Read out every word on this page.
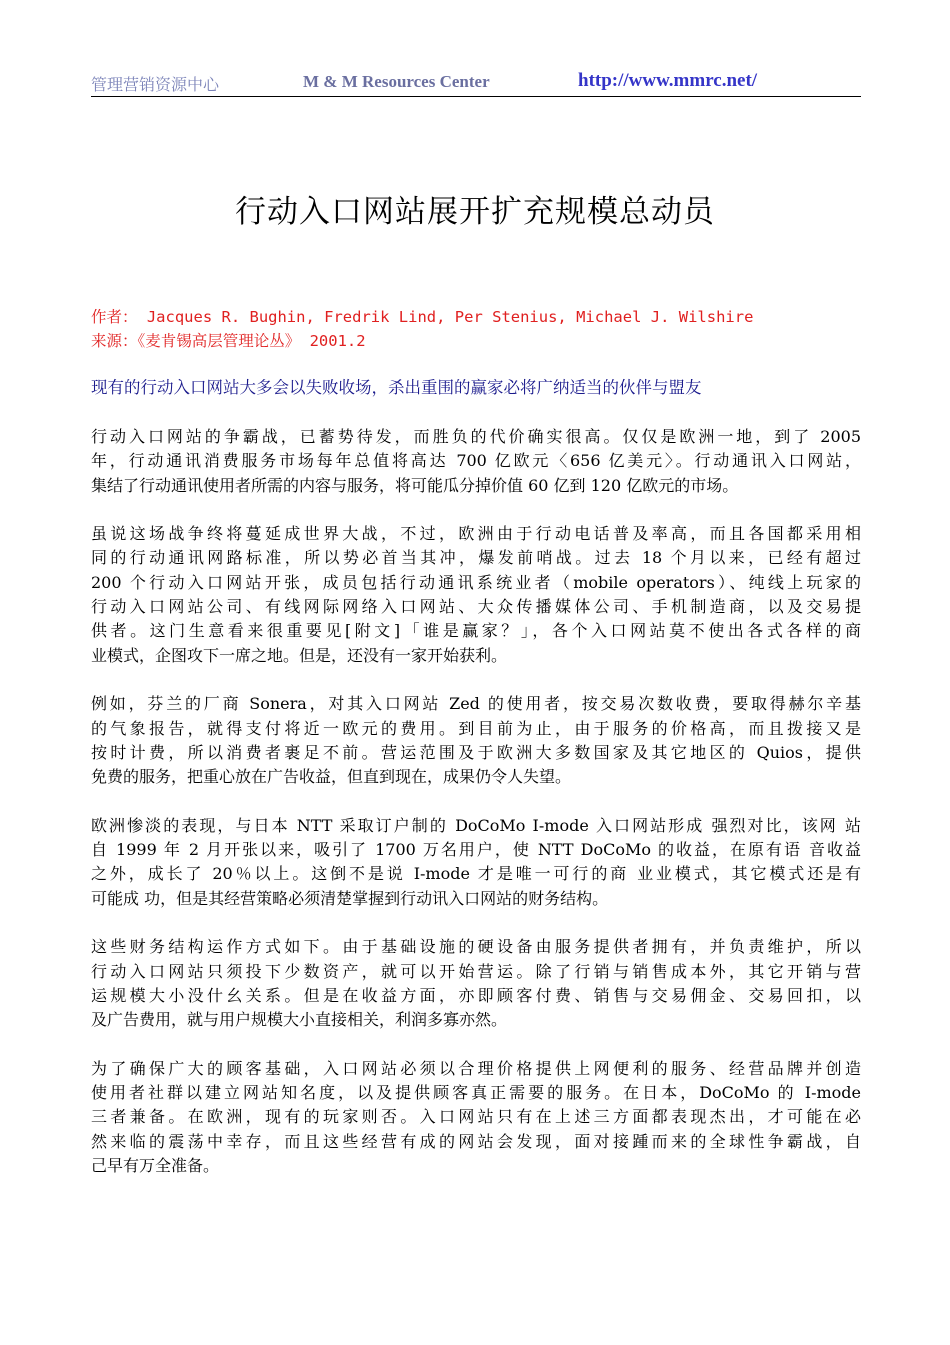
管理营销资源中心	M & M Resources Center	http://www.mmrc.net/
行动入口网站展开扩充规模总动员
作者： Jacques R. Bughin, Fredrik Lind, Per Stenius, Michael J. Wilshire
来源：《麦肯锡高层管理论丛》 2001.2
现有的行动入口网站大多会以失败收场，杀出重围的赢家必将广纳适当的伙伴与盟友
行动入口网站的争霸战，已蓄势待发，而胜负的代价确实很高。仅仅是欧洲一地，到了 2005
年，行动通讯消费服务市场每年总值将高达 700 亿欧元〈656 亿美元〉。行动通讯入口网站，
集结了行动通讯使用者所需的内容与服务，将可能瓜分掉价值 60 亿到 120 亿欧元的市场。
虽说这场战争终将蔓延成世界大战，不过，欧洲由于行动电话普及率高，而且各国都采用相
同的行动通讯网路标准，所以势必首当其冲，爆发前哨战。过去 18 个月以来，已经有超过
200 个行动入口网站开张，成员包括行动通讯系统业者（mobile operators）、纯线上玩家的
行动入口网站公司、有线网际网络入口网站、大众传播媒体公司、手机制造商，以及交易提
供者。这门生意看来很重要见[附文]「谁是赢家？」，各个入口网站莫不使出各式各样的商
业模式，企图攻下一席之地。但是，还没有一家开始获利。
例如，芬兰的厂商 Sonera，对其入口网站 Zed 的使用者，按交易次数收费，要取得赫尔辛基
的气象报告，就得支付将近一欧元的费用。到目前为止，由于服务的价格高，而且拨接又是
按时计费，所以消费者裹足不前。营运范围及于欧洲大多数国家及其它地区的 Quios，提供
免费的服务，把重心放在广告收益，但直到现在，成果仍令人失望。
欧洲惨淡的表现，与日本 NTT 采取订户制的 DoCoMo I-mode 入口网站形成 强烈对比，该网 站
自 1999 年 2 月开张以来，吸引了 1700 万名用户，使 NTT DoCoMo 的收益，在原有语 音收益
之外，成长了 20％以上。这倒不是说 I-mode 才是唯一可行的商 业业模式，其它模式还是有
可能成 功，但是其经营策略必须清楚掌握到行动讯入口网站的财务结构。
这些财务结构运作方式如下。由于基础设施的硬设备由服务提供者拥有，并负责维护，所以
行动入口网站只须投下少数资产，就可以开始营运。除了行销与销售成本外，其它开销与营
运规模大小没什幺关系。但是在收益方面，亦即顾客付费、销售与交易佣金、交易回扣，以
及广告费用，就与用户规模大小直接相关，利润多寡亦然。
为了确保广大的顾客基础，入口网站必须以合理价格提供上网便利的服务、经营品牌并创造
使用者社群以建立网站知名度，以及提供顾客真正需要的服务。在日本，DoCoMo 的 I-mode
三者兼备。在欧洲，现有的玩家则否。入口网站只有在上述三方面都表现杰出，才可能在必
然来临的震荡中幸存，而且这些经营有成的网站会发现，面对接踵而来的全球性争霸战，自
己早有万全准备。
